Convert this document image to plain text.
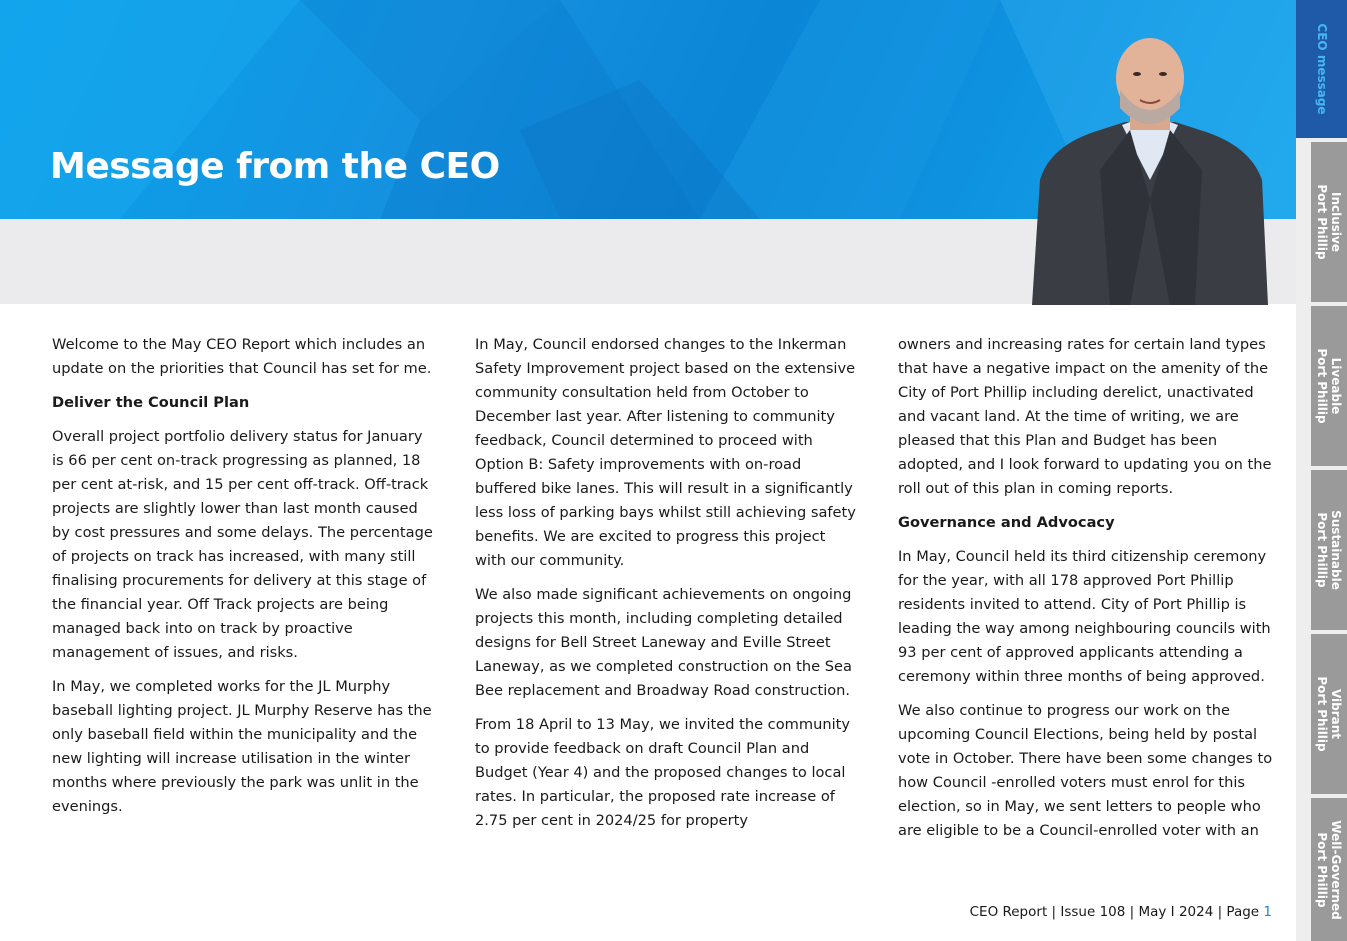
Message from the CEO
CEO message
Inclusive
Port Phillip
Liveable
Port Phillip
Sustainable
Port Phillip
Vibrant
Port Phillip
Well-Governed
Port Phillip

Welcome to the May CEO Report which includes an update on the priorities that Council has set for me.

Deliver the Council Plan

Overall project portfolio delivery status for January is 66 per cent on-track progressing as planned, 18 per cent at-risk, and 15 per cent off-track. Off-track projects are slightly lower than last month caused by cost pressures and some delays. The percentage of projects on track has increased, with many still finalising procurements for delivery at this stage of the financial year. Off Track projects are being managed back into on track by proactive management of issues, and risks.

In May, we completed works for the JL Murphy baseball lighting project. JL Murphy Reserve has the only baseball field within the municipality and the new lighting will increase utilisation in the winter months where previously the park was unlit in the evenings.

In May, Council endorsed changes to the Inkerman Safety Improvement project based on the extensive community consultation held from October to December last year. After listening to community feedback, Council determined to proceed with Option B: Safety improvements with on-road buffered bike lanes. This will result in a significantly less loss of parking bays whilst still achieving safety benefits. We are excited to progress this project with our community.

We also made significant achievements on ongoing projects this month, including completing detailed designs for Bell Street Laneway and Eville Street Laneway, as we completed construction on the Sea Bee replacement and Broadway Road construction.

From 18 April to 13 May, we invited the community to provide feedback on draft Council Plan and Budget (Year 4) and the proposed changes to local rates. In particular, the proposed rate increase of 2.75 per cent in 2024/25 for property

owners and increasing rates for certain land types that have a negative impact on the amenity of the City of Port Phillip including derelict, unactivated and vacant land. At the time of writing, we are pleased that this Plan and Budget has been adopted, and I look forward to updating you on the roll out of this plan in coming reports.

Governance and Advocacy

In May, Council held its third citizenship ceremony for the year, with all 178 approved Port Phillip residents invited to attend. City of Port Phillip is leading the way among neighbouring councils with 93 per cent of approved applicants attending a ceremony within three months of being approved.

We also continue to progress our work on the upcoming Council Elections, being held by postal vote in October. There have been some changes to how Council -enrolled voters must enrol for this election, so in May, we sent letters to people who are eligible to be a Council-enrolled voter with an

CEO Report | Issue 108 | May I 2024 | Page 1
